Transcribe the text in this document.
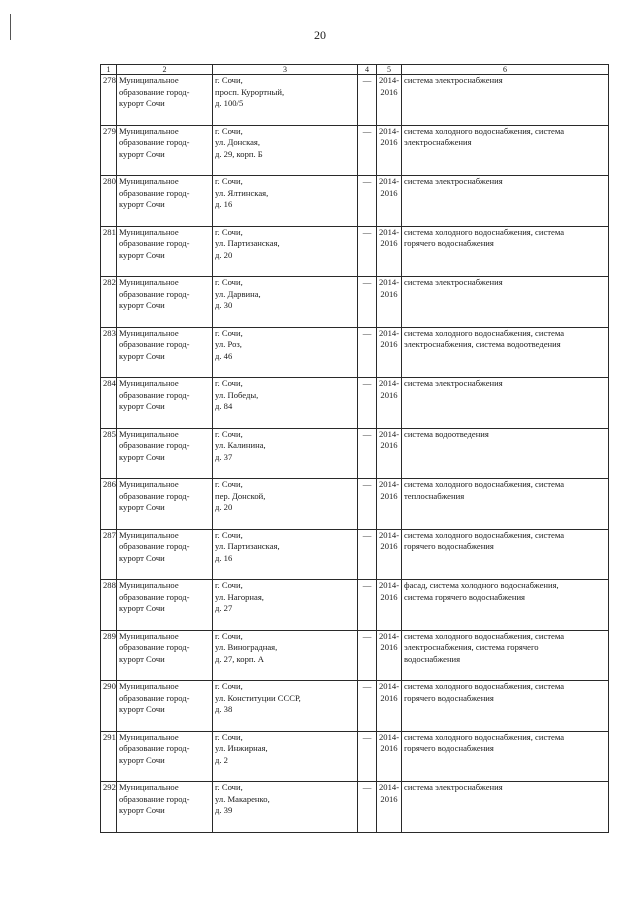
20
1	2	3	4	5	6
278	Муниципальное
образование город-
курорт Сочи	г. Сочи,
просп. Курортный,
д. 100/5	—	2014-
2016	система электроснабжения

279	Муниципальное
образование город-
курорт Сочи	г. Сочи,
ул. Донская,
д. 29, корп. Б	—	2014-
2016	система холодного водоснабжения, система
электроснабжения

280	Муниципальное
образование город-
курорт Сочи	г. Сочи,
ул. Ялтинская,
д. 16	—	2014-
2016	система электроснабжения

281	Муниципальное
образование город-
курорт Сочи	г. Сочи,
ул. Партизанская,
д. 20	—	2014-
2016	система холодного водоснабжения, система
горячего водоснабжения

282	Муниципальное
образование город-
курорт Сочи	г. Сочи,
ул. Дарвина,
д. 30	—	2014-
2016	система электроснабжения

283	Муниципальное
образование город-
курорт Сочи	г. Сочи,
ул. Роз,
д. 46	—	2014-
2016	система холодного водоснабжения, система
электроснабжения, система водоотведения

284	Муниципальное
образование город-
курорт Сочи	г. Сочи,
ул. Победы,
д. 84	—	2014-
2016	система электроснабжения

285	Муниципальное
образование город-
курорт Сочи	г. Сочи,
ул. Калинина,
д. 37	—	2014-
2016	система водоотведения

286	Муниципальное
образование город-
курорт Сочи	г. Сочи,
пер. Донской,
д. 20	—	2014-
2016	система холодного водоснабжения, система
теплоснабжения

287	Муниципальное
образование город-
курорт Сочи	г. Сочи,
ул. Партизанская,
д. 16	—	2014-
2016	система холодного водоснабжения, система
горячего водоснабжения

288	Муниципальное
образование город-
курорт Сочи	г. Сочи,
ул. Нагорная,
д. 27	—	2014-
2016	фасад, система холодного водоснабжения,
система горячего водоснабжения

289	Муниципальное
образование город-
курорт Сочи	г. Сочи,
ул. Виноградная,
д. 27, корп. А	—	2014-
2016	система холодного водоснабжения, система
электроснабжения, система горячего
водоснабжения

290	Муниципальное
образование город-
курорт Сочи	г. Сочи,
ул. Конституции СССР,
д. 38	—	2014-
2016	система холодного водоснабжения, система
горячего водоснабжения

291	Муниципальное
образование город-
курорт Сочи	г. Сочи,
ул. Инжирная,
д. 2	—	2014-
2016	система холодного водоснабжения, система
горячего водоснабжения

292	Муниципальное
образование город-
курорт Сочи	г. Сочи,
ул. Макаренко,
д. 39	—	2014-
2016	система электроснабжения
